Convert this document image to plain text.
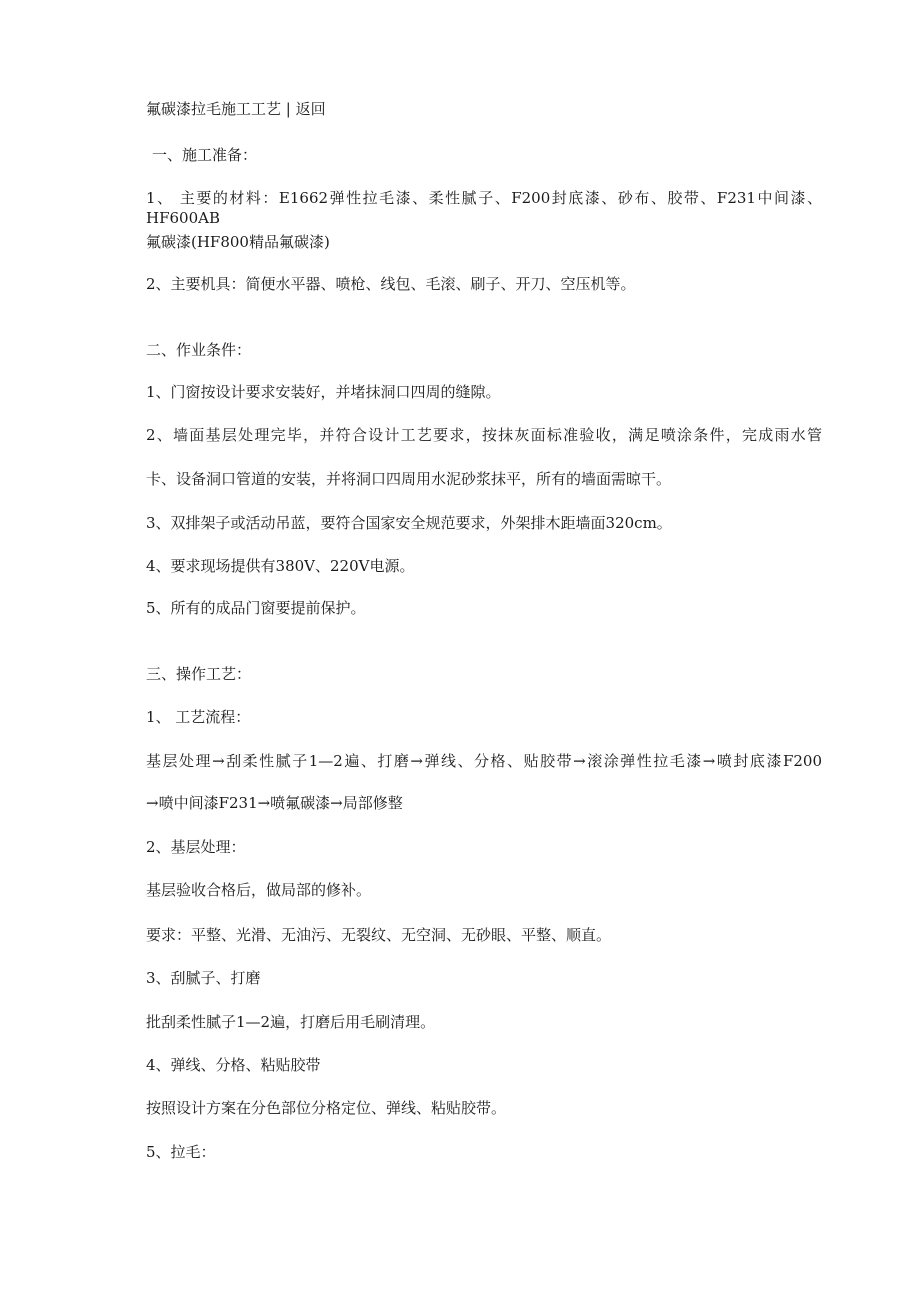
氟碳漆拉毛施工工艺 | 返回

一、施工准备：

1、 主要的材料：E1662弹性拉毛漆、柔性腻子、F200封底漆、砂布、胶带、F231中间漆、HF600AB

氟碳漆(HF800精品氟碳漆)

2、主要机具：简便水平器、喷枪、线包、毛滚、刷子、开刀、空压机等。

二、作业条件：

1、门窗按设计要求安装好，并堵抹洞口四周的缝隙。

2、墙面基层处理完毕，并符合设计工艺要求，按抹灰面标准验收，满足喷涂条件，完成雨水管

卡、设备洞口管道的安装，并将洞口四周用水泥砂浆抹平，所有的墙面需晾干。

3、双排架子或活动吊蓝，要符合国家安全规范要求，外架排木距墙面320cm。

4、要求现场提供有380V、220V电源。

5、所有的成品门窗要提前保护。

三、操作工艺：

1、 工艺流程：

基层处理→刮柔性腻子1—2遍、打磨→弹线、分格、贴胶带→滚涂弹性拉毛漆→喷封底漆F200

→喷中间漆F231→喷氟碳漆→局部修整

2、基层处理：

基层验收合格后，做局部的修补。

要求：平整、光滑、无油污、无裂纹、无空洞、无砂眼、平整、顺直。

3、刮腻子、打磨

批刮柔性腻子1—2遍，打磨后用毛刷清理。

4、弹线、分格、粘贴胶带

按照设计方案在分色部位分格定位、弹线、粘贴胶带。

5、拉毛：
